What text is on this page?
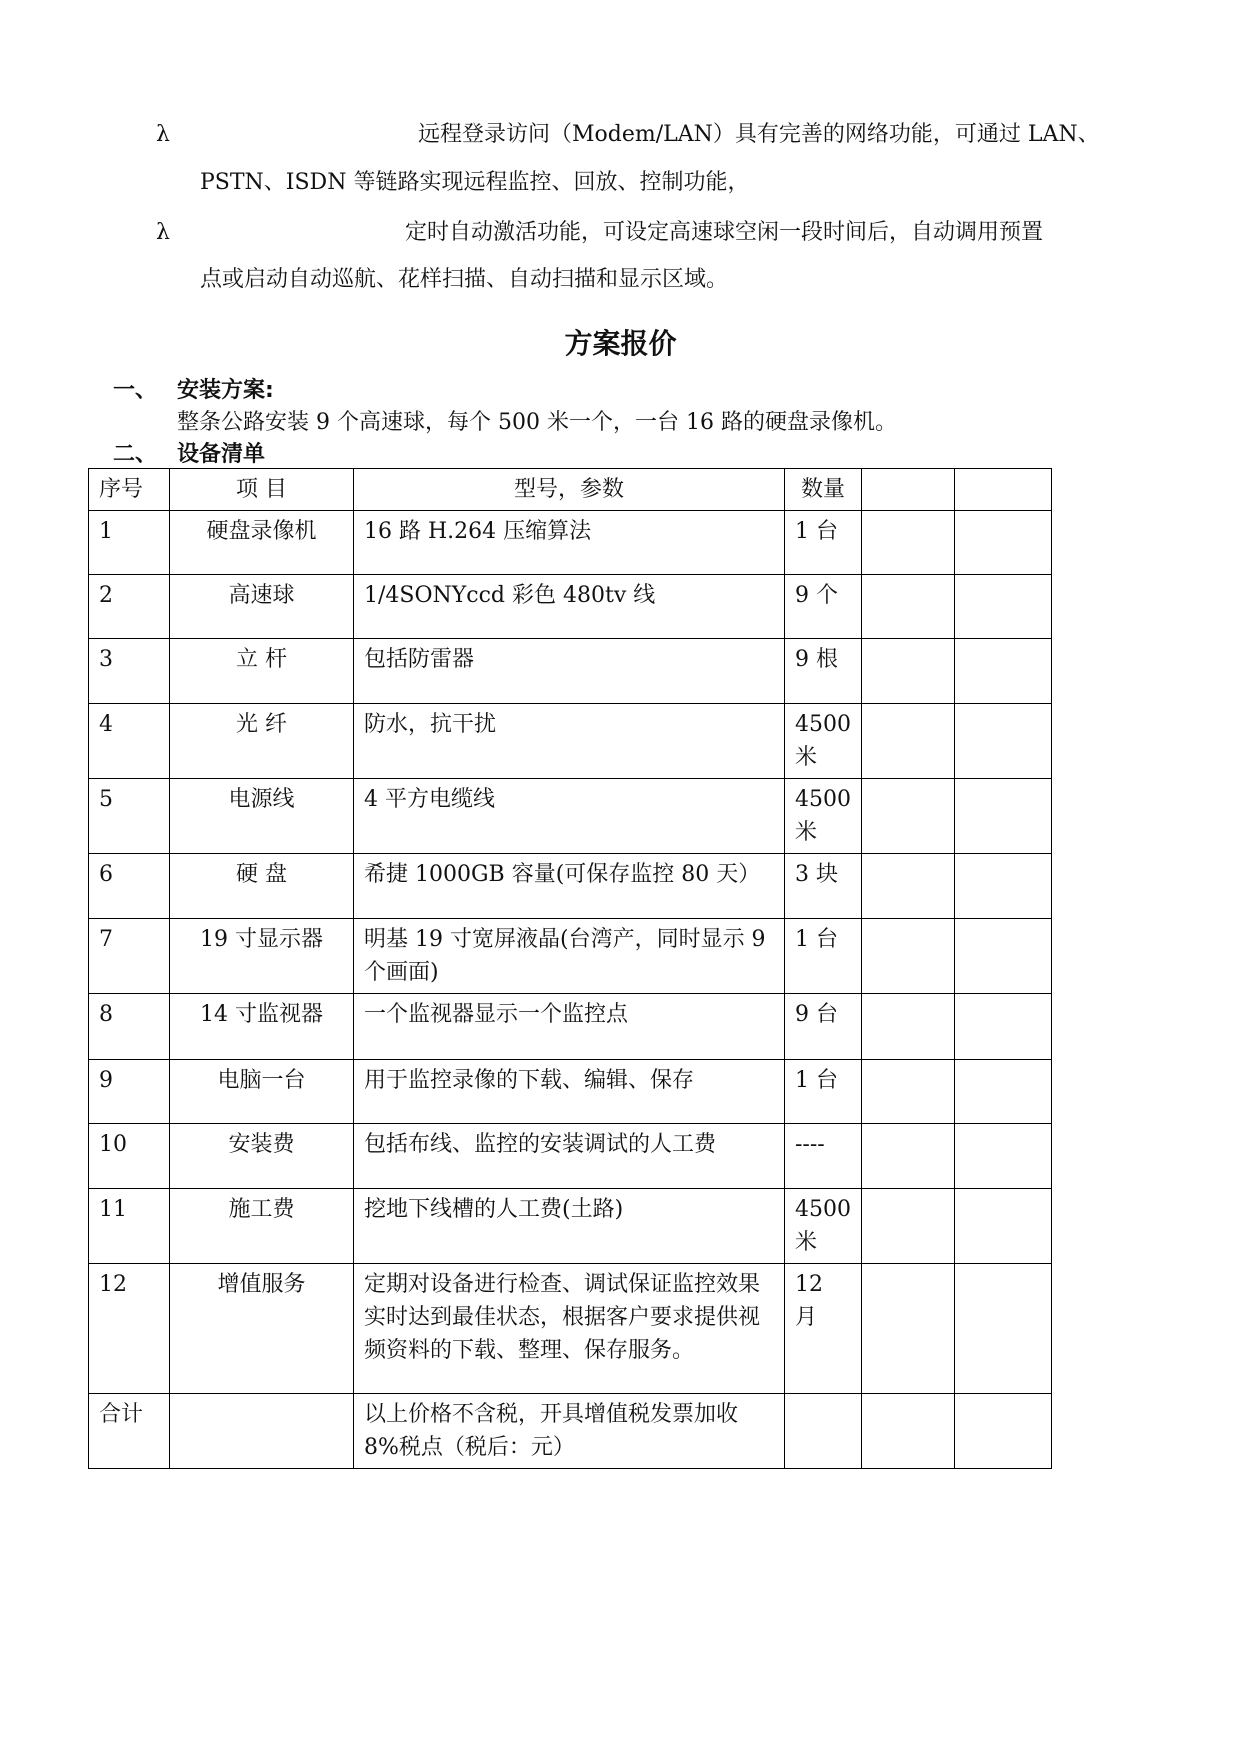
λ	远程登录访问（Modem/LAN）具有完善的网络功能，可通过 LAN、
PSTN、ISDN 等链路实现远程监控、回放、控制功能，
λ	定时自动激活功能，可设定高速球空闲一段时间后，自动调用预置
点或启动自动巡航、花样扫描、自动扫描和显示区域。
方案报价
一、 安装方案:
整条公路安装 9 个高速球，每个 500 米一个，一台 16 路的硬盘录像机。
二、 设备清单
序号	项 目	型号，参数	数量		
1	硬盘录像机	16 路 H.264 压缩算法	1 台		
2	高速球	1/4SONYccd 彩色 480tv 线	9 个		
3	立 杆	包括防雷器	9 根		
4	光 纤	防水，抗干扰	4500 米		
5	电源线	4 平方电缆线	4500 米		
6	硬 盘	希捷 1000GB 容量(可保存监控 80 天）	3 块		
7	19 寸显示器	明基 19 寸宽屏液晶(台湾产，同时显示 9 个画面)	1 台		
8	14 寸监视器	一个监视器显示一个监控点	9 台		
9	电脑一台	用于监控录像的下载、编辑、保存	1 台		
10	安装费	包括布线、监控的安装调试的人工费	----		
11	施工费	挖地下线槽的人工费(土路)	4500 米		
12	增值服务	定期对设备进行检查、调试保证监控效果实时达到最佳状态，根据客户要求提供视频资料的下载、整理、保存服务。	12 月		
合计		以上价格不含税，开具增值税发票加收 8%税点（税后：元）			
